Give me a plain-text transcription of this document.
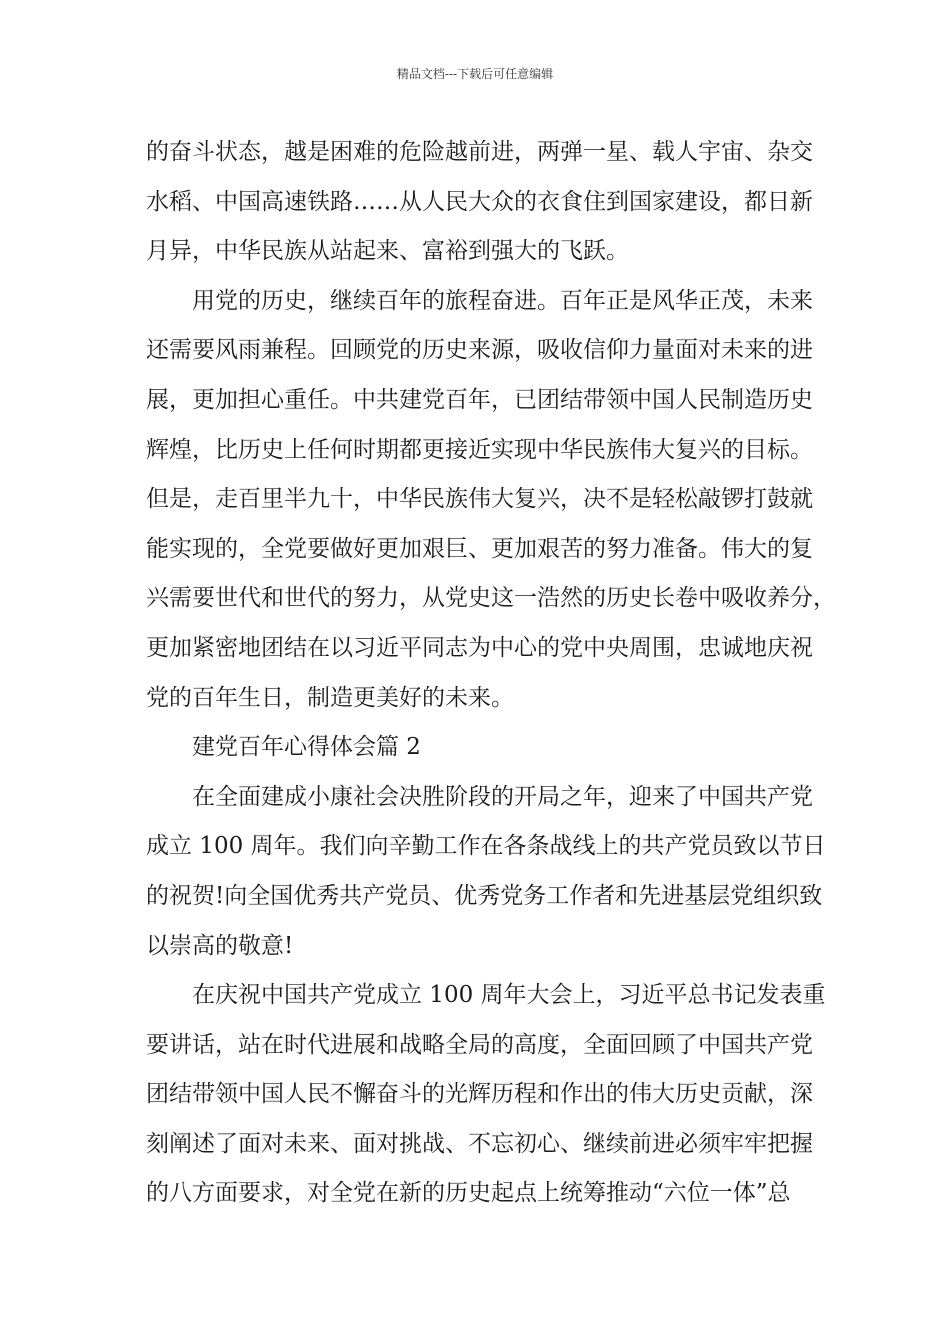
精品文档---下载后可任意编辑
的奋斗状态，越是困难的危险越前进，两弹一星、载人宇宙、杂交
水稻、中国高速铁路……从人民大众的衣食住到国家建设，都日新
月异，中华民族从站起来、富裕到强大的飞跃。
用党的历史，继续百年的旅程奋进。百年正是风华正茂，未来
还需要风雨兼程。回顾党的历史来源，吸收信仰力量面对未来的进
展，更加担心重任。中共建党百年，已团结带领中国人民制造历史
辉煌，比历史上任何时期都更接近实现中华民族伟大复兴的目标。
但是，走百里半九十，中华民族伟大复兴，决不是轻松敲锣打鼓就
能实现的，全党要做好更加艰巨、更加艰苦的努力准备。伟大的复
兴需要世代和世代的努力，从党史这一浩然的历史长卷中吸收养分，
更加紧密地团结在以习近平同志为中心的党中央周围，忠诚地庆祝
党的百年生日，制造更美好的未来。
建党百年心得体会篇 2
在全面建成小康社会决胜阶段的开局之年，迎来了中国共产党
成立 100 周年。我们向辛勤工作在各条战线上的共产党员致以节日
的祝贺!向全国优秀共产党员、优秀党务工作者和先进基层党组织致
以崇高的敬意!
在庆祝中国共产党成立 100 周年大会上，习近平总书记发表重
要讲话，站在时代进展和战略全局的高度，全面回顾了中国共产党
团结带领中国人民不懈奋斗的光辉历程和作出的伟大历史贡献，深
刻阐述了面对未来、面对挑战、不忘初心、继续前进必须牢牢把握
的八方面要求，对全党在新的历史起点上统筹推动“六位一体”总
